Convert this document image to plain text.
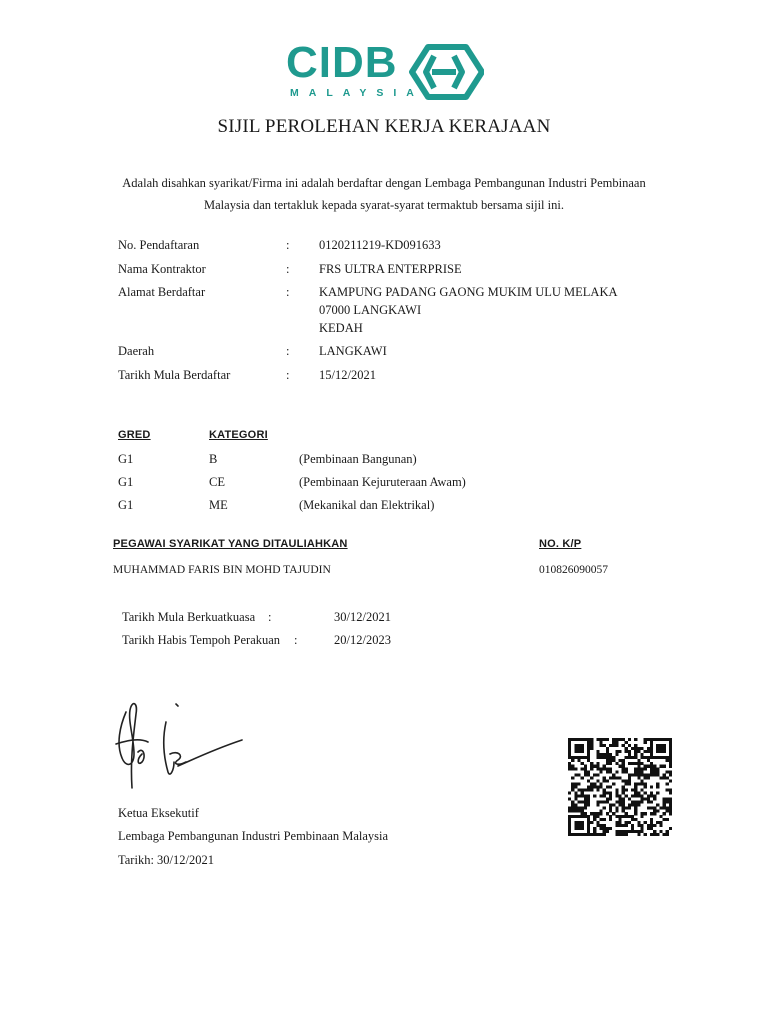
CIDB
MALAYSIA
SIJIL PEROLEHAN KERJA KERAJAAN
Adalah disahkan syarikat/Firma ini adalah berdaftar dengan Lembaga Pembangunan Industri Pembinaan
Malaysia dan tertakluk kepada syarat-syarat termaktub bersama sijil ini.
No. Pendaftaran	: 0120211219-KD091633
Nama Kontraktor	: FRS ULTRA ENTERPRISE
Alamat Berdaftar	: KAMPUNG PADANG GAONG MUKIM ULU MELAKA
07000 LANGKAWI
KEDAH
Daerah	: LANGKAWI
Tarikh Mula Berdaftar	: 15/12/2021
GRED	KATEGORI
G1	B	(Pembinaan Bangunan)
G1	CE	(Pembinaan Kejuruteraan Awam)
G1	ME	(Mekanikal dan Elektrikal)
PEGAWAI SYARIKAT YANG DITAULIAHKAN	NO. K/P
MUHAMMAD FARIS BIN MOHD TAJUDIN	010826090057
Tarikh Mula Berkuatkuasa :	30/12/2021
Tarikh Habis Tempoh Perakuan :	20/12/2023
Ketua Eksekutif
Lembaga Pembangunan Industri Pembinaan Malaysia
Tarikh: 30/12/2021
